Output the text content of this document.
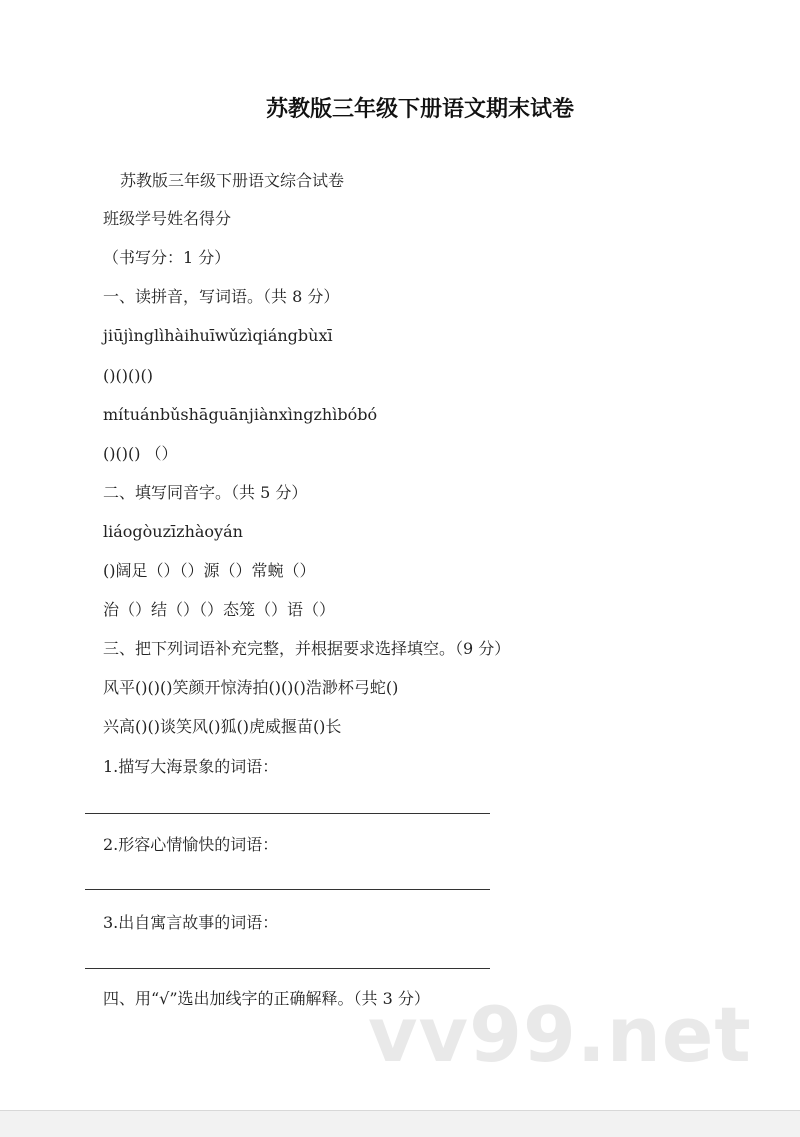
苏教版三年级下册语文期末试卷
苏教版三年级下册语文综合试卷
班级学号姓名得分
（书写分：1 分）
一、读拼音，写词语。（共 8 分）
jiūjìnglìhàihuīwǔzìqiángbùxī
()()()()
mítuánbǔshāguānjiànxìngzhìbóbó
()()() （）
二、填写同音字。（共 5 分）
liáogòuzīzhàoyán
()阔足（）（）源（）常蜿（）
治（）结（）（）态笼（）语（）
三、把下列词语补充完整，并根据要求选择填空。（9 分）
风平()()()笑颜开惊涛拍()()()浩渺杯弓蛇()
兴高()()谈笑风()狐()虎威揠苗()长
1.描写大海景象的词语：
2.形容心情愉快的词语：
3.出自寓言故事的词语：
四、用“√”选出加线字的正确解释。（共 3 分）
vv99.net
